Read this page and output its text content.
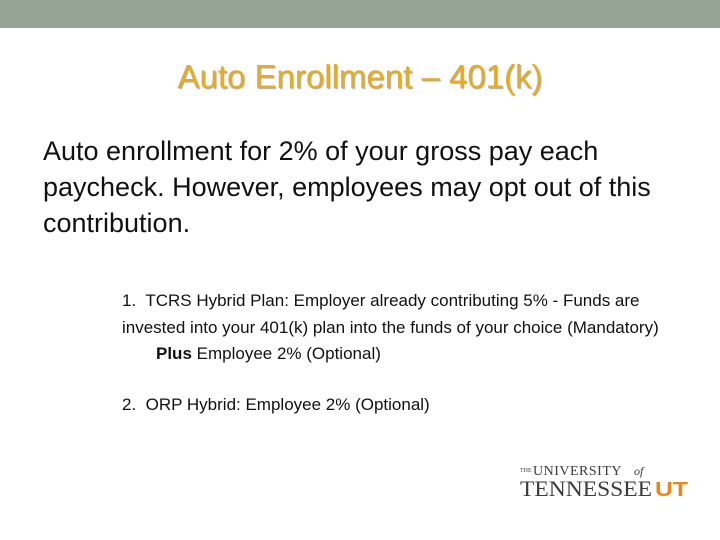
Auto Enrollment – 401(k)

Auto enrollment for 2% of your gross pay each paycheck. However, employees may opt out of this contribution.

1. TCRS Hybrid Plan: Employer already contributing 5% - Funds are invested into your 401(k) plan into the funds of your choice (Mandatory)

Plus Employee 2% (Optional)

2. ORP Hybrid: Employee 2% (Optional)

THE UNIVERSITY of
TENNESSEE UT
